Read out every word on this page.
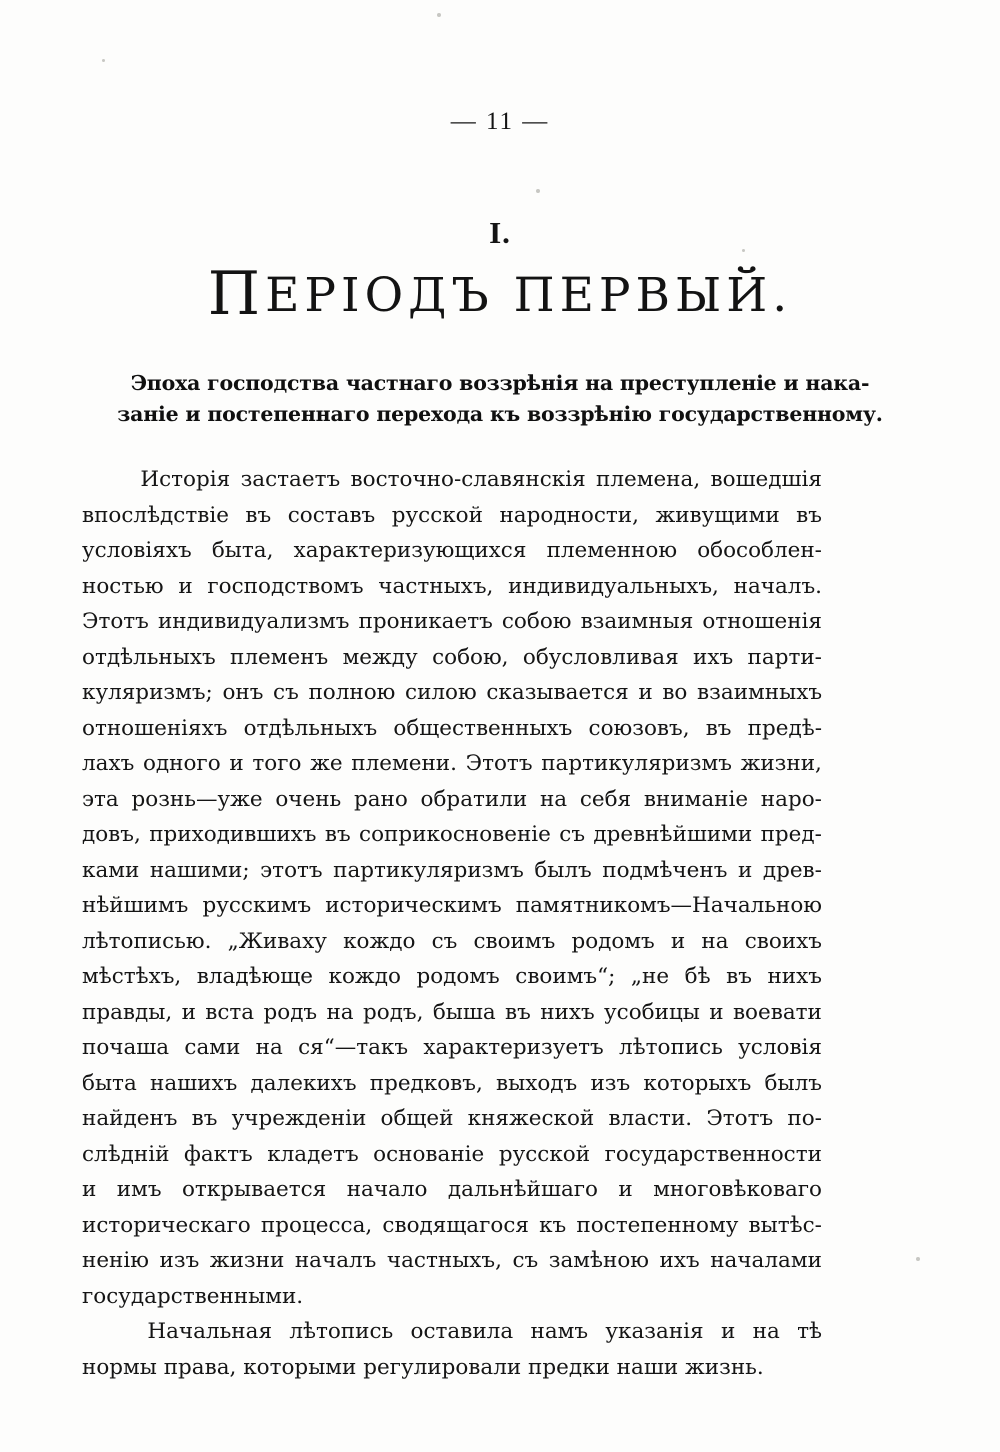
— 11 —
I.
ПЕРІОДЪ ПЕРВЫЙ.
Эпоха господства частнаго воззрѣнія на преступленіе и нака-
заніе и постепеннаго перехода къ воззрѣнію государственному.

Исторія застаетъ восточно-славянскія племена, вошедшія
впослѣдствіе въ составъ русской народности, живущими въ
условіяхъ быта, характеризующихся племенною обособлен-
ностью и господствомъ частныхъ, индивидуальныхъ, началъ.
Этотъ индивидуализмъ проникаетъ собою взаимныя отношенія
отдѣльныхъ племенъ между собою, обусловливая ихъ парти-
куляризмъ; онъ съ полною силою сказывается и во взаимныхъ
отношеніяхъ отдѣльныхъ общественныхъ союзовъ, въ предѣ-
лахъ одного и того же племени. Этотъ партикуляризмъ жизни,
эта рознь—уже очень рано обратили на себя вниманіе наро-
довъ, приходившихъ въ соприкосновеніе съ древнѣйшими пред-
ками нашими; этотъ партикуляризмъ былъ подмѣченъ и древ-
нѣйшимъ русскимъ историческимъ памятникомъ—Начальною
лѣтописью. „Живаху кождо съ своимъ родомъ и на своихъ
мѣстѣхъ, владѣюще кождо родомъ своимъ“; „не бѣ въ нихъ
правды, и вста родъ на родъ, быша въ нихъ усобицы и воевати
почаша сами на ся“—такъ характеризуетъ лѣтопись условія
быта нашихъ далекихъ предковъ, выходъ изъ которыхъ былъ
найденъ въ учрежденіи общей княжеской власти. Этотъ по-
слѣдній фактъ кладетъ основаніе русской государственности
и имъ открывается начало дальнѣйшаго и многовѣковаго
историческаго процесса, сводящагося къ постепенному вытѣс-
ненію изъ жизни началъ частныхъ, съ замѣною ихъ началами
государственными.

Начальная лѣтопись оставила намъ указанія и на тѣ
нормы права, которыми регулировали предки наши жизнь.
